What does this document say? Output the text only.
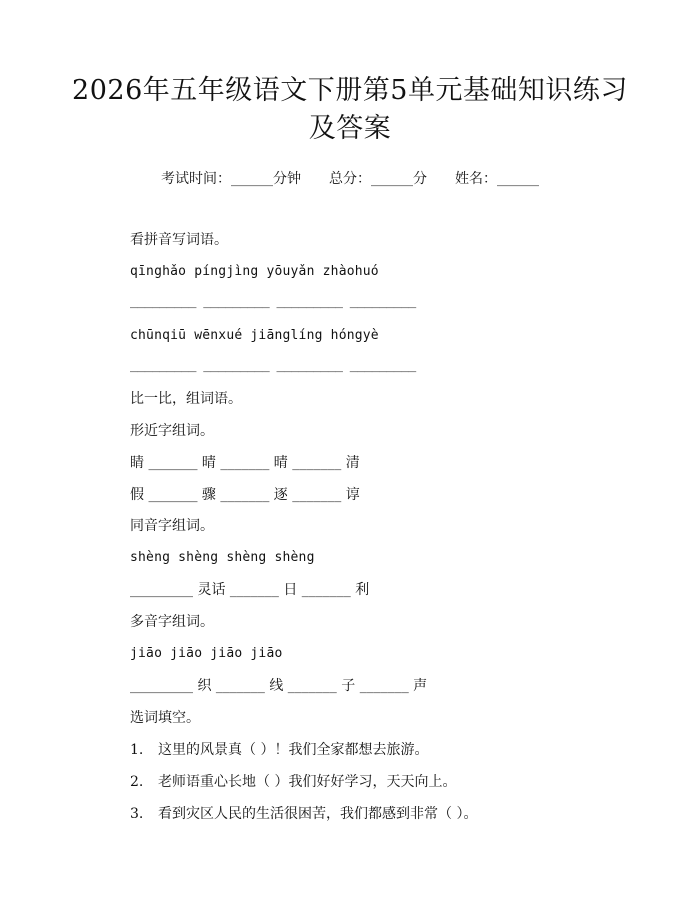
2026年五年级语文下册第5单元基础知识练习及答案
考试时间：______分钟 总分：______分 姓名：______
看拼音写词语。
qīnghǎo píngjìng yōuyǎn zhàohuó
_________ _________ _________ _________
chūnqiū wēnxué jiānglíng hóngyè
_________ _________ _________ _________
比一比，组词语。
形近字组词。
睛 _______ 晴 _______ 晴 _______ 清
假 _______ 骤 _______ 逐 _______ 谆
同音字组词。
shèng shèng shèng shèng
_________ 灵话 _______ 日 _______ 利
多音字组词。
jiāo jiāo jiāo jiāo
_________ 织 _______ 线 _______ 子 _______ 声
选词填空。
1. 这里的风景真（ ）！我们全家都想去旅游。
2. 老师语重心长地（ ）我们好好学习，天天向上。
3. 看到灾区人民的生活很困苦，我们都感到非常（ ）。
